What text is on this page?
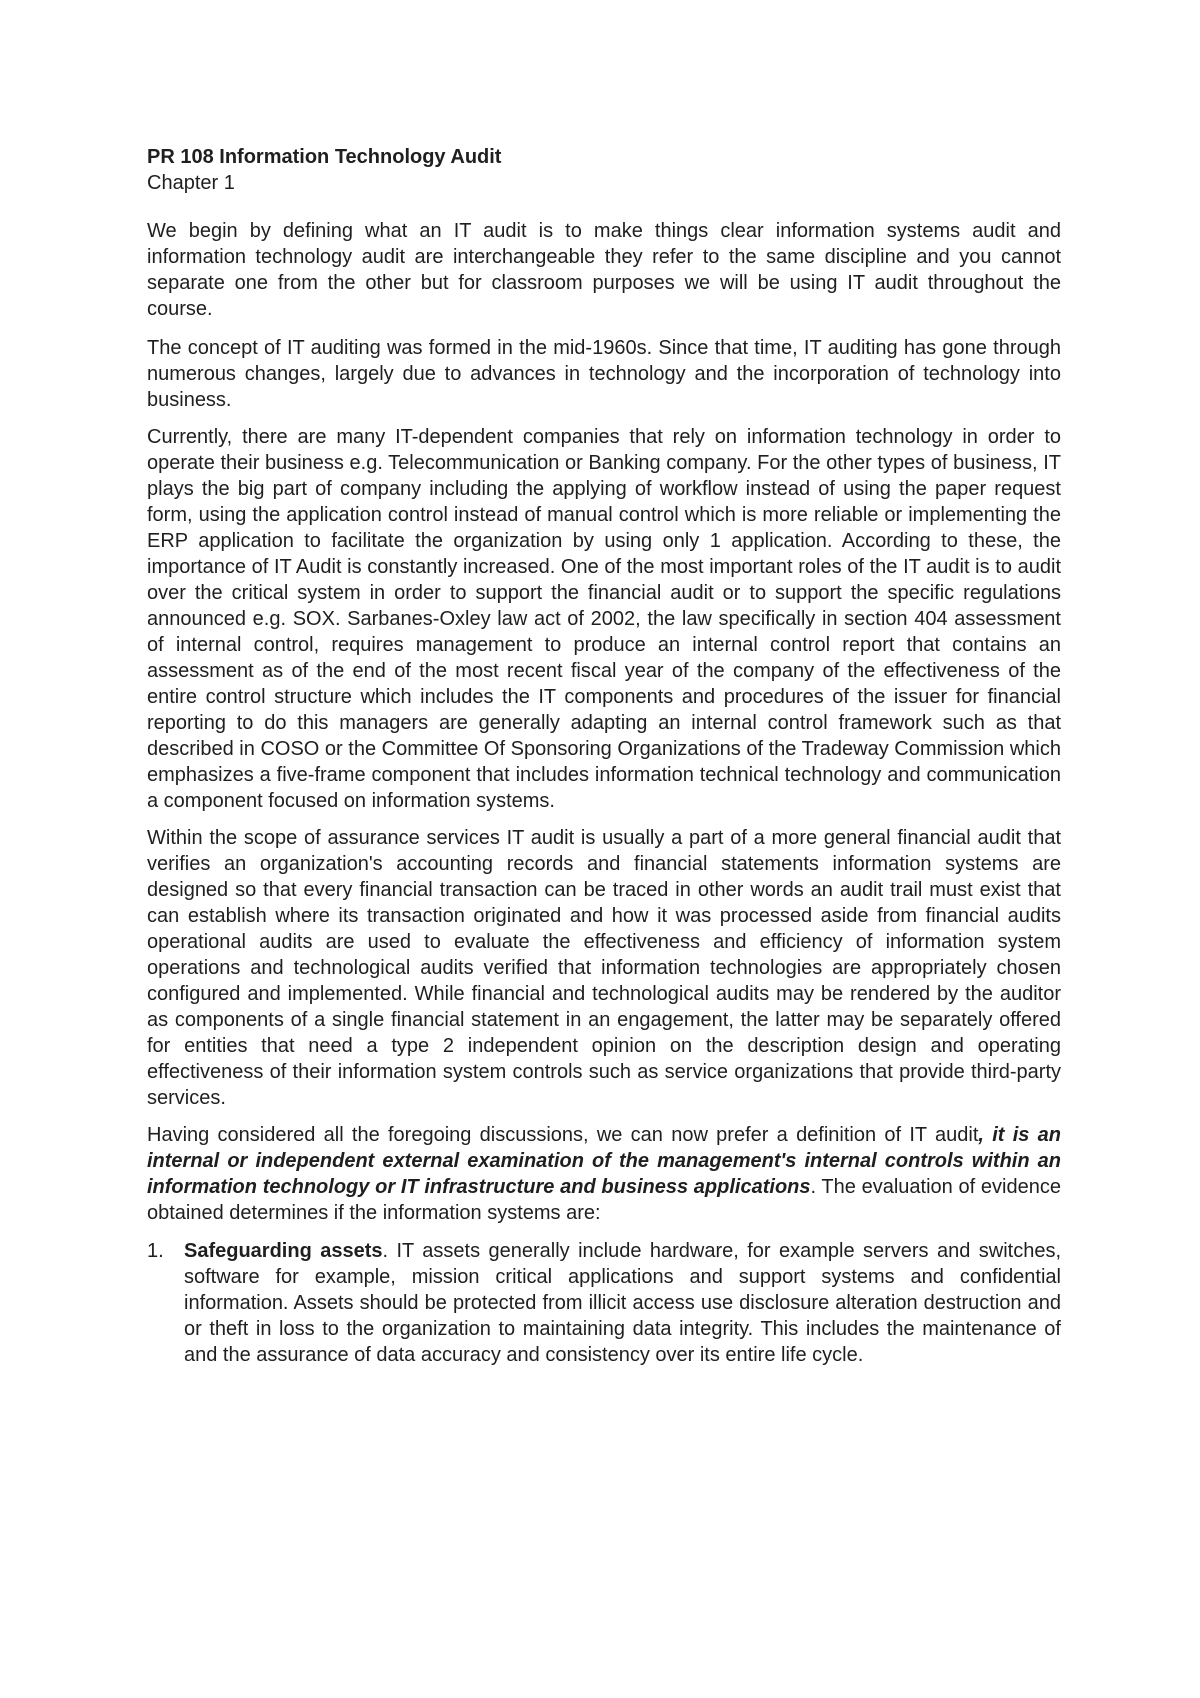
PR 108 Information Technology Audit
Chapter 1

We begin by defining what an IT audit is to make things clear information systems audit and information technology audit are interchangeable they refer to the same discipline and you cannot separate one from the other but for classroom purposes we will be using IT audit throughout the course.

The concept of IT auditing was formed in the mid-1960s. Since that time, IT auditing has gone through numerous changes, largely due to advances in technology and the incorporation of technology into business.

Currently, there are many IT-dependent companies that rely on information technology in order to operate their business e.g. Telecommunication or Banking company. For the other types of business, IT plays the big part of company including the applying of workflow instead of using the paper request form, using the application control instead of manual control which is more reliable or implementing the ERP application to facilitate the organization by using only 1 application. According to these, the importance of IT Audit is constantly increased. One of the most important roles of the IT audit is to audit over the critical system in order to support the financial audit or to support the specific regulations announced e.g. SOX. Sarbanes-Oxley law act of 2002, the law specifically in section 404 assessment of internal control, requires management to produce an internal control report that contains an assessment as of the end of the most recent fiscal year of the company of the effectiveness of the entire control structure which includes the IT components and procedures of the issuer for financial reporting to do this managers are generally adapting an internal control framework such as that described in COSO or the Committee Of Sponsoring Organizations of the Tradeway Commission which emphasizes a five-frame component that includes information technical technology and communication a component focused on information systems.

Within the scope of assurance services IT audit is usually a part of a more general financial audit that verifies an organization's accounting records and financial statements information systems are designed so that every financial transaction can be traced in other words an audit trail must exist that can establish where its transaction originated and how it was processed aside from financial audits operational audits are used to evaluate the effectiveness and efficiency of information system operations and technological audits verified that information technologies are appropriately chosen configured and implemented. While financial and technological audits may be rendered by the auditor as components of a single financial statement in an engagement, the latter may be separately offered for entities that need a type 2 independent opinion on the description design and operating effectiveness of their information system controls such as service organizations that provide third-party services.

Having considered all the foregoing discussions, we can now prefer a definition of IT audit, it is an internal or independent external examination of the management's internal controls within an information technology or IT infrastructure and business applications. The evaluation of evidence obtained determines if the information systems are:

1. Safeguarding assets. IT assets generally include hardware, for example servers and switches, software for example, mission critical applications and support systems and confidential information. Assets should be protected from illicit access use disclosure alteration destruction and or theft in loss to the organization to maintaining data integrity. This includes the maintenance of and the assurance of data accuracy and consistency over its entire life cycle.
